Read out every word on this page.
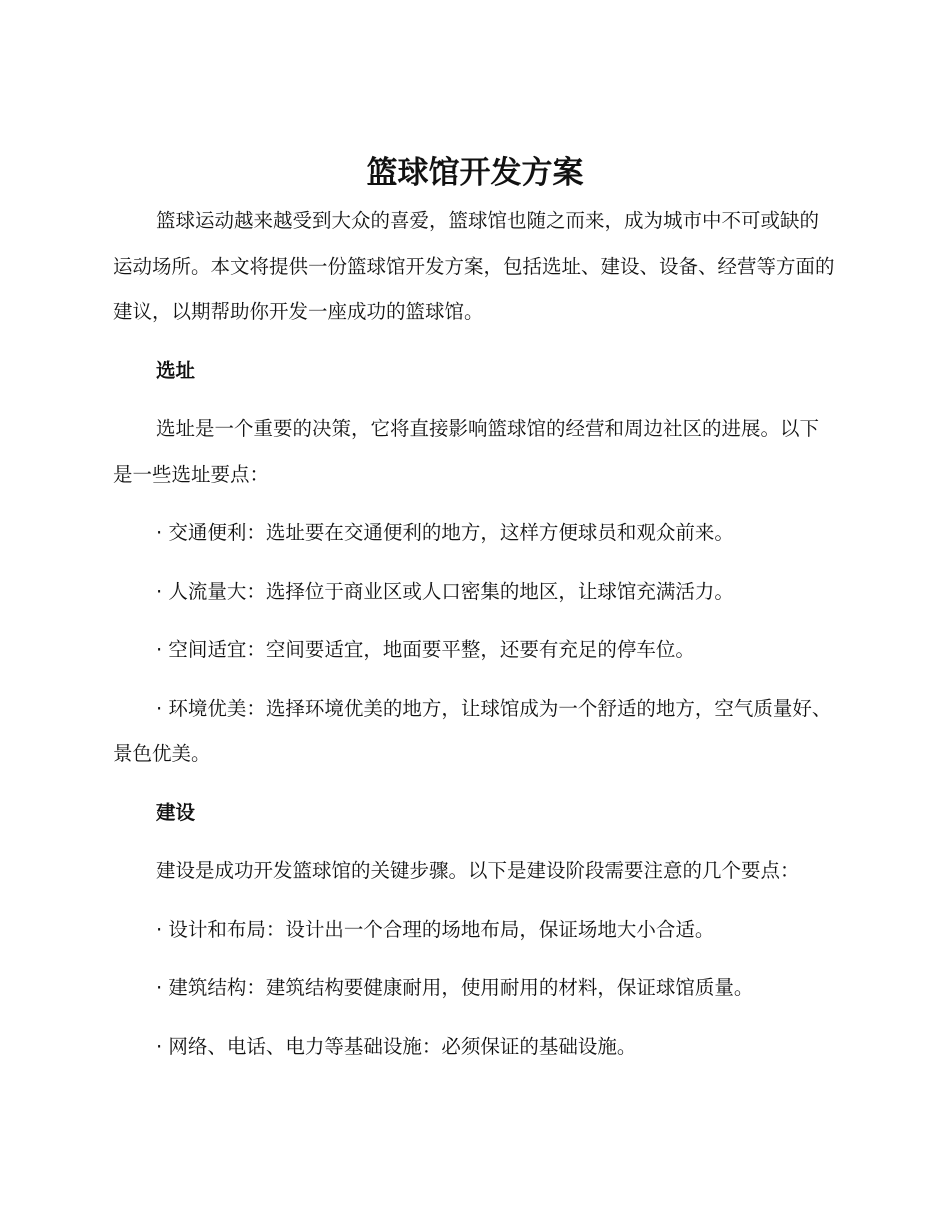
篮球馆开发方案

篮球运动越来越受到大众的喜爱，篮球馆也随之而来，成为城市中不可或缺的运动场所。本文将提供一份篮球馆开发方案，包括选址、建设、设备、经营等方面的建议，以期帮助你开发一座成功的篮球馆。

选址

选址是一个重要的决策，它将直接影响篮球馆的经营和周边社区的进展。以下是一些选址要点：

· 交通便利：选址要在交通便利的地方，这样方便球员和观众前来。

· 人流量大：选择位于商业区或人口密集的地区，让球馆充满活力。

· 空间适宜：空间要适宜，地面要平整，还要有充足的停车位。

· 环境优美：选择环境优美的地方，让球馆成为一个舒适的地方，空气质量好、景色优美。

建设

建设是成功开发篮球馆的关键步骤。以下是建设阶段需要注意的几个要点：

· 设计和布局：设计出一个合理的场地布局，保证场地大小合适。

· 建筑结构：建筑结构要健康耐用，使用耐用的材料，保证球馆质量。

· 网络、电话、电力等基础设施：必须保证的基础设施。
